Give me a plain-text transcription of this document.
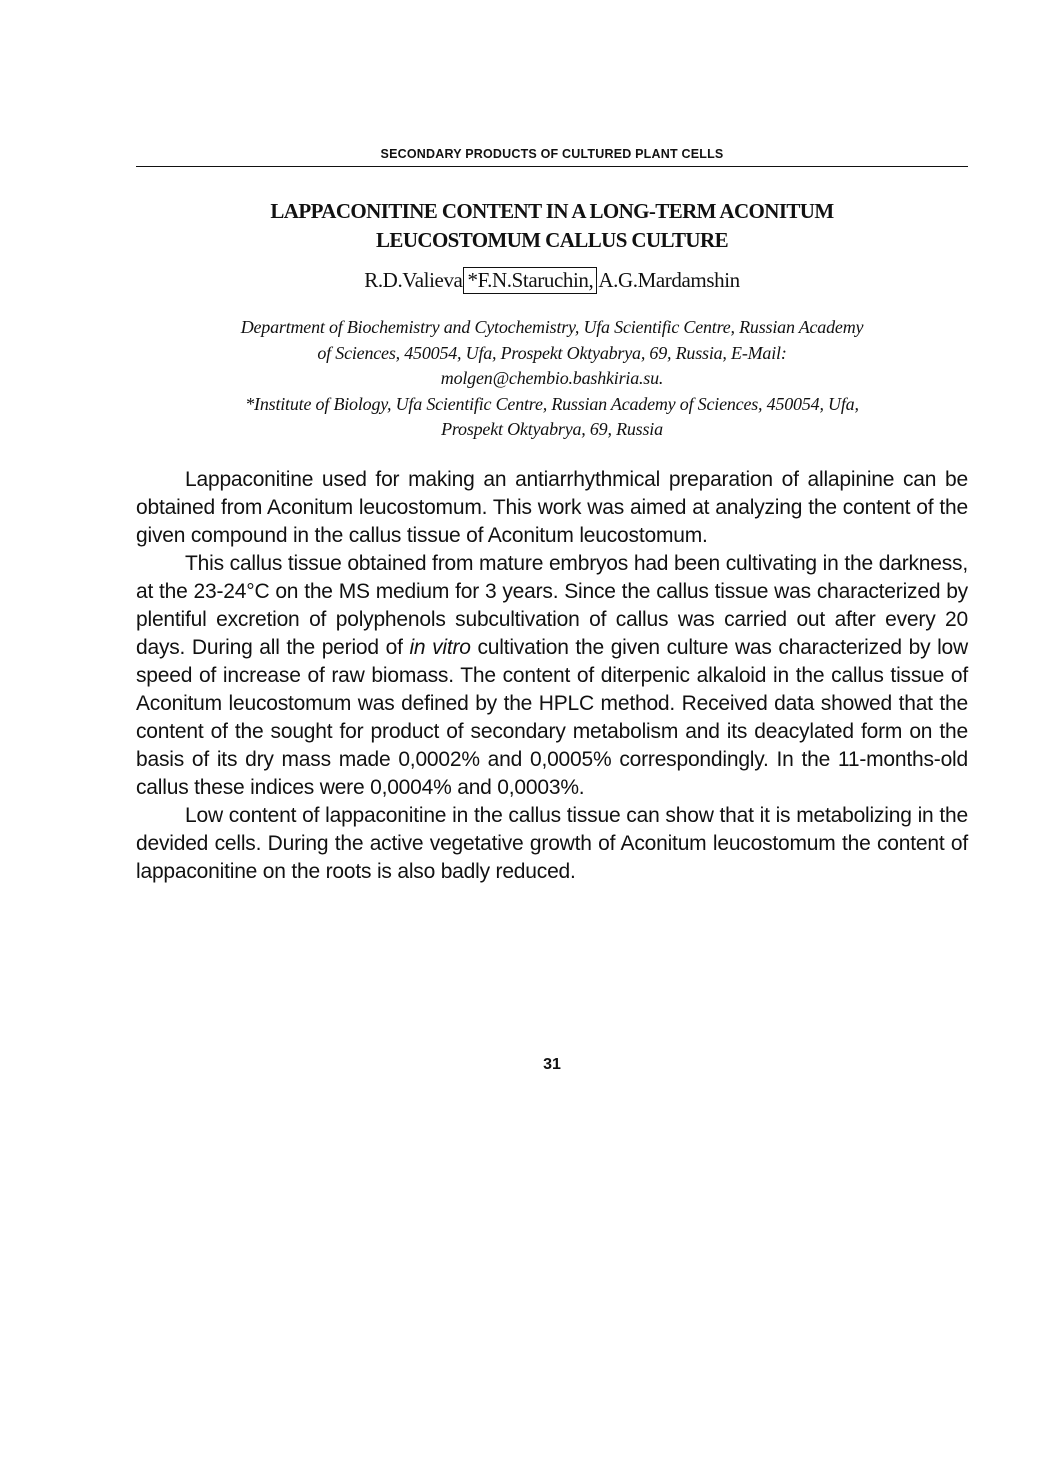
SECONDARY PRODUCTS OF CULTURED PLANT CELLS
LAPPACONITINE CONTENT IN A LONG-TERM ACONITUM
LEUCOSTOMUM CALLUS CULTURE
R.D.Valieva *F.N.Staruchin, A.G.Mardamshin
Department of Biochemistry and Cytochemistry, Ufa Scientific Centre, Russian Academy
of Sciences, 450054, Ufa, Prospekt Oktyabrya, 69, Russia, E-Mail:
molgen@chembio.bashkiria.su.
*Institute of Biology, Ufa Scientific Centre, Russian Academy of Sciences, 450054, Ufa,
Prospekt Oktyabrya, 69, Russia

Lappaconitine used for making an antiarrhythmical preparation of allapinine can be obtained from Aconitum leucostomum. This work was aimed at analyzing the content of the given compound in the callus tissue of Aconitum leucostomum.

This callus tissue obtained from mature embryos had been cultivating in the darkness, at the 23-24°C on the MS medium for 3 years. Since the callus tissue was characterized by plentiful excretion of polyphenols subcultivation of callus was carried out after every 20 days. During all the period of in vitro cultivation the given culture was characterized by low speed of increase of raw biomass. The content of diterpenic alkaloid in the callus tissue of Aconitum leucostomum was defined by the HPLC method. Received data showed that the content of the sought for product of secondary metabolism and its deacylated form on the basis of its dry mass made 0,0002% and 0,0005% correspondingly. In the 11-months-old callus these indices were 0,0004% and 0,0003%.

Low content of lappaconitine in the callus tissue can show that it is metabolizing in the devided cells. During the active vegetative growth of Aconitum leucostomum the content of lappaconitine on the roots is also badly reduced.

31
